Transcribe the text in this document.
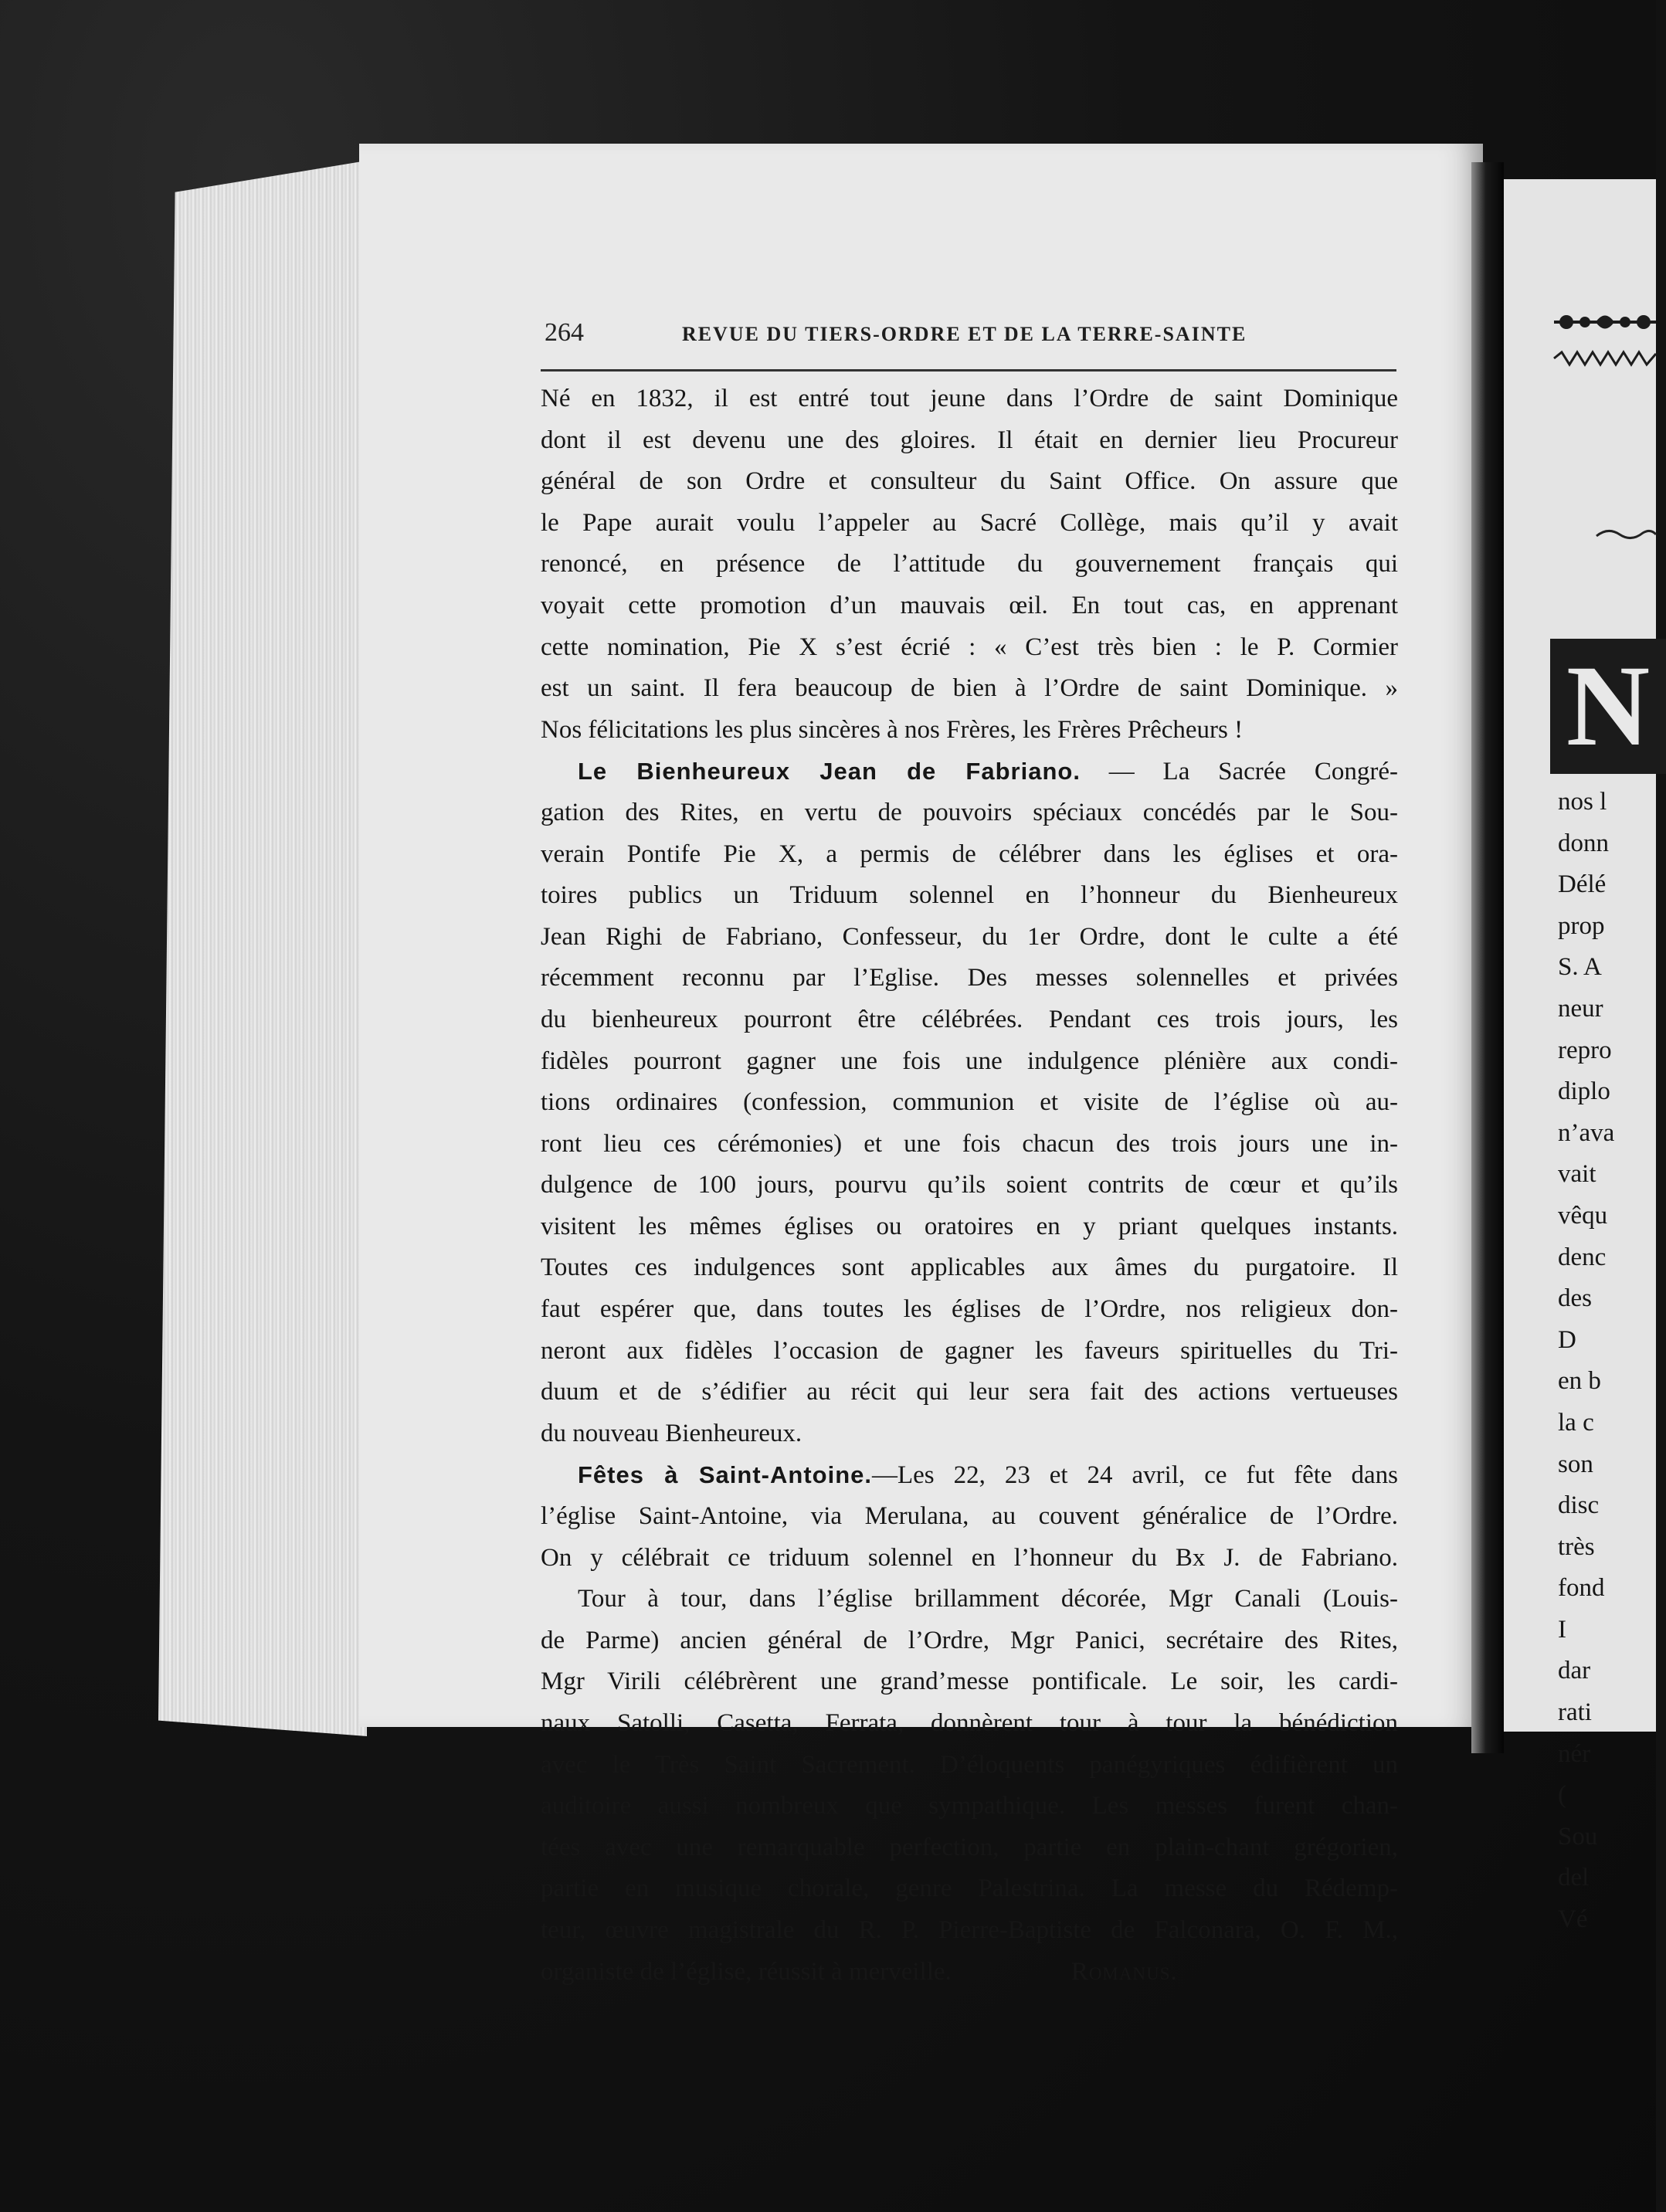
N
nos l
donn
Délé
prop
S. A
neur
repro
diplo
n’ava
vait
vêqu
denc
des
D
en b
la c
son
disc
très
fond
I
dar
rati
nér
(
Sou
del
Vé
264	REVUE DU TIERS-ORDRE ET DE LA TERRE-SAINTE
Né en 1832, il est entré tout jeune dans l’Ordre de saint Dominique
dont il est devenu une des gloires. Il était en dernier lieu Procureur
général de son Ordre et consulteur du Saint Office. On assure que
le Pape aurait voulu l’appeler au Sacré Collège, mais qu’il y avait
renoncé, en présence de l’attitude du gouvernement français qui
voyait cette promotion d’un mauvais œil. En tout cas, en apprenant
cette nomination, Pie X s’est écrié : « C’est très bien : le P. Cormier
est un saint. Il fera beaucoup de bien à l’Ordre de saint Dominique. »
Nos félicitations les plus sincères à nos Frères, les Frères Prêcheurs !
Le Bienheureux Jean de Fabriano. — La Sacrée Congré-
gation des Rites, en vertu de pouvoirs spéciaux concédés par le Sou-
verain Pontife Pie X, a permis de célébrer dans les églises et ora-
toires publics un Triduum solennel en l’honneur du Bienheureux
Jean Righi de Fabriano, Confesseur, du 1er Ordre, dont le culte a été
récemment reconnu par l’Eglise. Des messes solennelles et privées
du bienheureux pourront être célébrées. Pendant ces trois jours, les
fidèles pourront gagner une fois une indulgence plénière aux condi-
tions ordinaires (confession, communion et visite de l’église où au-
ront lieu ces cérémonies) et une fois chacun des trois jours une in-
dulgence de 100 jours, pourvu qu’ils soient contrits de cœur et qu’ils
visitent les mêmes églises ou oratoires en y priant quelques instants.
Toutes ces indulgences sont applicables aux âmes du purgatoire. Il
faut espérer que, dans toutes les églises de l’Ordre, nos religieux don-
neront aux fidèles l’occasion de gagner les faveurs spirituelles du Tri-
duum et de s’édifier au récit qui leur sera fait des actions vertueuses
du nouveau Bienheureux.
Fêtes à Saint-Antoine.—Les 22, 23 et 24 avril, ce fut fête dans
l’église Saint-Antoine, via Merulana, au couvent généralice de l’Ordre.
On y célébrait ce triduum solennel en l’honneur du Bx J. de Fabriano.
Tour à tour, dans l’église brillamment décorée, Mgr Canali (Louis-
de Parme) ancien général de l’Ordre, Mgr Panici, secrétaire des Rites,
Mgr Virili célébrèrent une grand’messe pontificale. Le soir, les cardi-
naux Satolli, Casetta, Ferrata, donnèrent tour à tour la bénédiction
avec le Très Saint Sacrement. D’éloquents panégyriques édifièrent un
auditoire aussi nombreux que sympathique. Les messes furent chan-
tées avec une remarquable perfection, partie en plain-chant grégorien,
partie en musique chorale, genre Palestrina. La messe du Rédemp-
teur, œuvre magistrale du R. P. Pierre-Baptiste de Falconara, O. F. M.,
organiste de l’église, réussit à merveille.	Romanus.
